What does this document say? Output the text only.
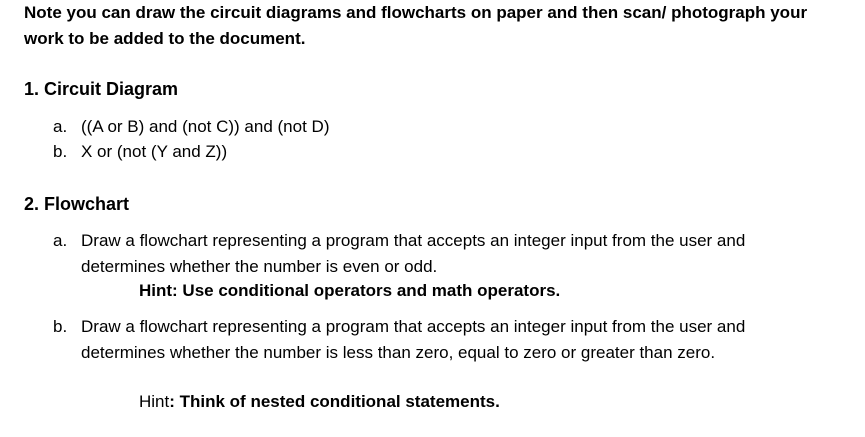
Note you can draw the circuit diagrams and flowcharts on paper and then scan/ photograph your work to be added to the document.
1. Circuit Diagram
a. ((A or B) and (not C)) and (not D)
b. X or (not (Y and Z))
2. Flowchart
a. Draw a flowchart representing a program that accepts an integer input from the user and determines whether the number is even or odd.
Hint: Use conditional operators and math operators.
b. Draw a flowchart representing a program that accepts an integer input from the user and determines whether the number is less than zero, equal to zero or greater than zero.
Hint: Think of nested conditional statements.
